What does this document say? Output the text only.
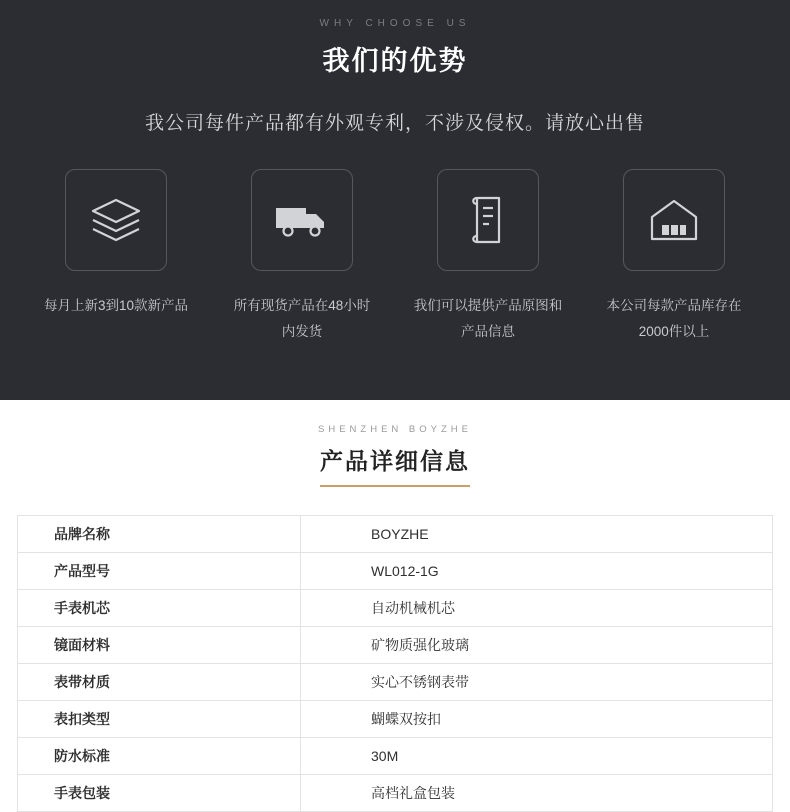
WHY CHOOSE US
我们的优势

我公司每件产品都有外观专利，不涉及侵权。请放心出售

每月上新3到10款新产品	所有现货产品在48小时内发货
我们可以提供产品原图和产品信息
本公司每款产品库存在2000件以上
SHENZHEN BOYZHE
产品详细信息
品牌名称	BOYZHE
产品型号	WL012-1G
手表机芯	自动机械机芯
镜面材料	矿物质强化玻璃
表带材质	实心不锈钢表带
表扣类型	蝴蝶双按扣
防水标准	30M
手表包装	高档礼盒包装
